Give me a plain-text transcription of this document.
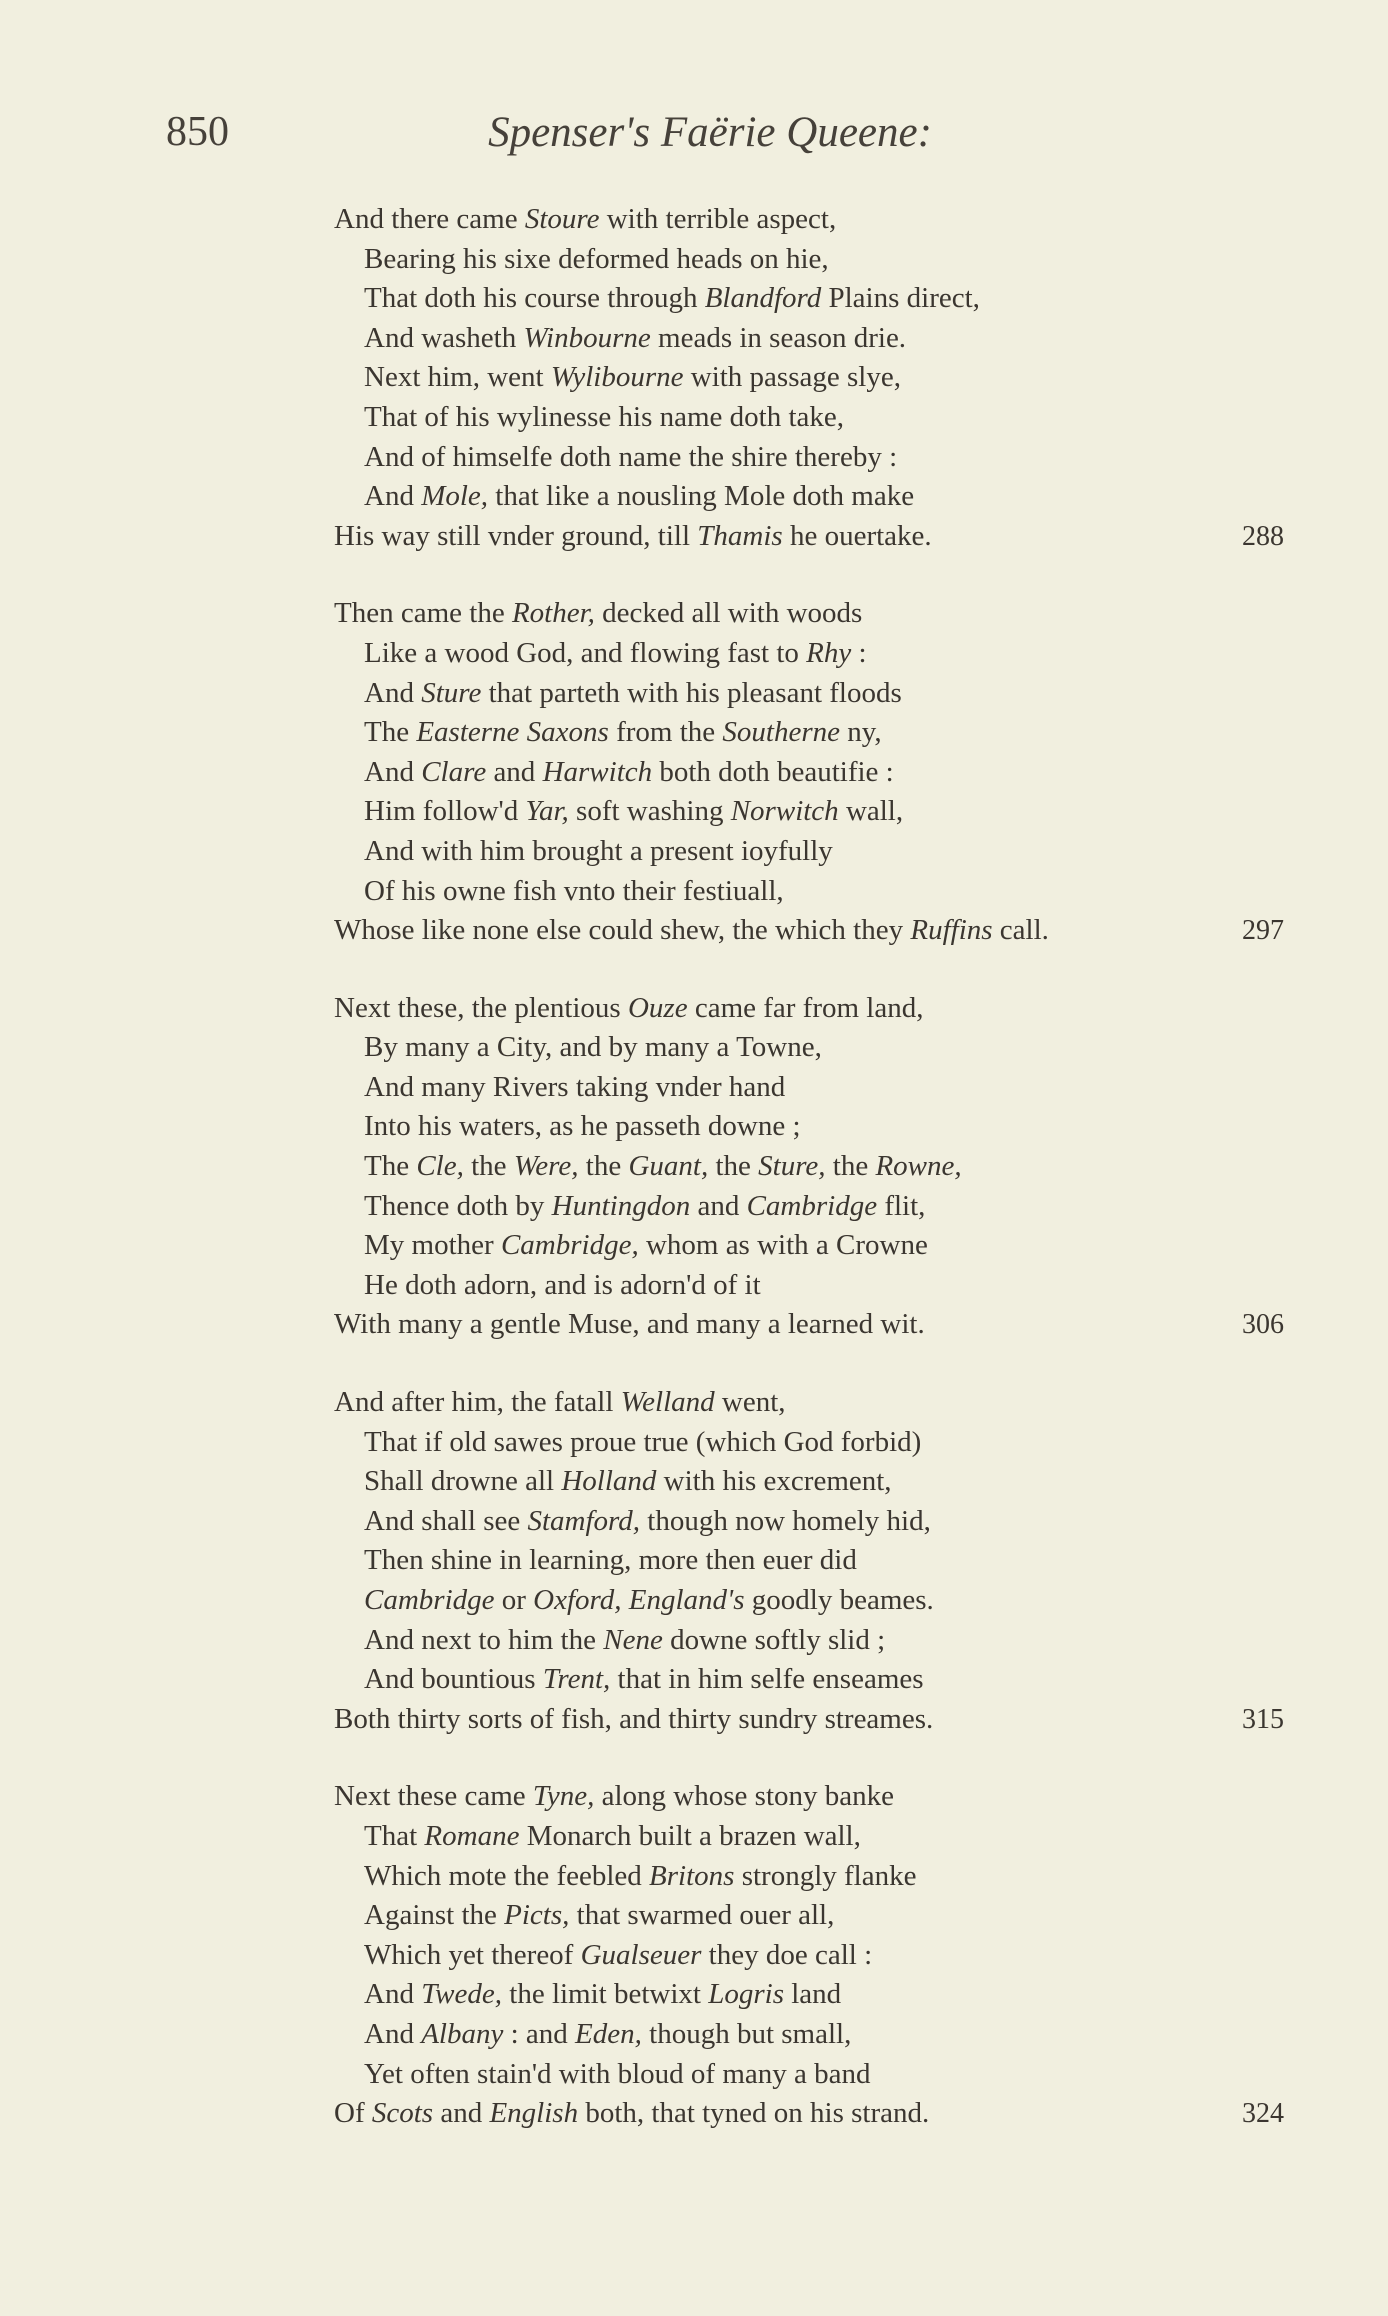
850	Spenser's Faërie Queene:
And there came Stoure with terrible aspect,
Bearing his sixe deformed heads on hie,
That doth his course through Blandford Plains direct,
And washeth Winbourne meads in season drie.
Next him, went Wylibourne with passage slye,
That of his wylinesse his name doth take,
And of himselfe doth name the shire thereby :
And Mole, that like a nousling Mole doth make
His way still vnder ground, till Thamis he ouertake.	288
Then came the Rother, decked all with woods
Like a wood God, and flowing fast to Rhy :
And Sture that parteth with his pleasant floods
The Easterne Saxons from the Southerne ny,
And Clare and Harwitch both doth beautifie :
Him follow'd Yar, soft washing Norwitch wall,
And with him brought a present ioyfully
Of his owne fish vnto their festiuall,
Whose like none else could shew, the which they Ruffins call.	297
Next these, the plentious Ouze came far from land,
By many a City, and by many a Towne,
And many Rivers taking vnder hand
Into his waters, as he passeth downe ;
The Cle, the Were, the Guant, the Sture, the Rowne,
Thence doth by Huntingdon and Cambridge flit,
My mother Cambridge, whom as with a Crowne
He doth adorn, and is adorn'd of it
With many a gentle Muse, and many a learned wit.	306
And after him, the fatall Welland went,
That if old sawes proue true (which God forbid)
Shall drowne all Holland with his excrement,
And shall see Stamford, though now homely hid,
Then shine in learning, more then euer did
Cambridge or Oxford, England's goodly beames.
And next to him the Nene downe softly slid ;
And bountious Trent, that in him selfe enseames
Both thirty sorts of fish, and thirty sundry streames.	315
Next these came Tyne, along whose stony banke
That Romane Monarch built a brazen wall,
Which mote the feebled Britons strongly flanke
Against the Picts, that swarmed ouer all,
Which yet thereof Gualseuer they doe call :
And Twede, the limit betwixt Logris land
And Albany : and Eden, though but small,
Yet often stain'd with bloud of many a band
Of Scots and English both, that tyned on his strand.	324
